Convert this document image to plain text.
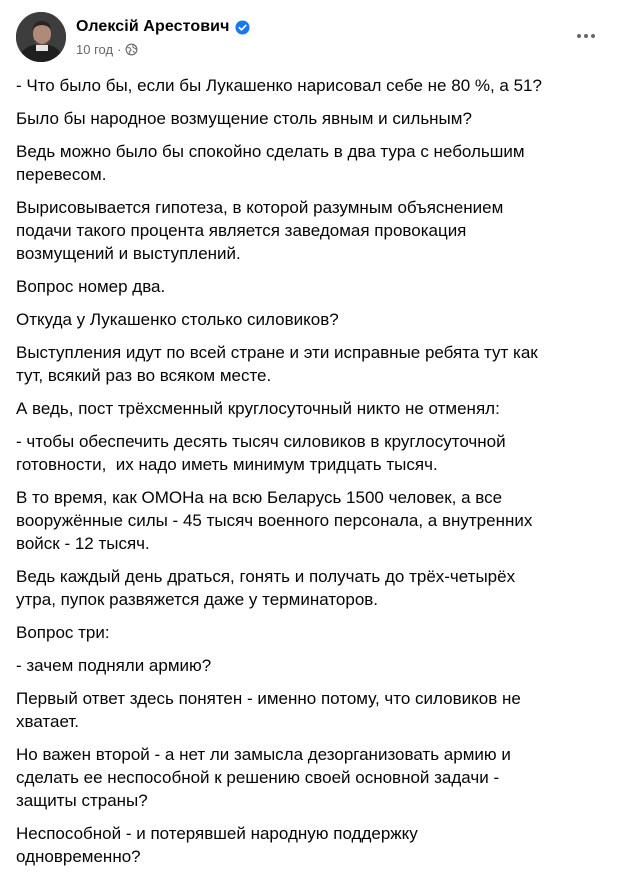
Олексій Арестович
10 год ·

- Что было бы, если бы Лукашенко нарисовал себе не 80 %, а 51?

Было бы народное возмущение столь явным и сильным?

Ведь можно было бы спокойно сделать в два тура с небольшим
перевесом.

Вырисовывается гипотеза, в которой разумным объяснением
подачи такого процента является заведомая провокация
возмущений и выступлений.

Вопрос номер два.

Откуда у Лукашенко столько силовиков?

Выступления идут по всей стране и эти исправные ребята тут как
тут, всякий раз во всяком месте.

А ведь, пост трёхсменный круглосуточный никто не отменял:

- чтобы обеспечить десять тысяч силовиков в круглосуточной
готовности,  их надо иметь минимум тридцать тысяч.

В то время, как ОМОНа на всю Беларусь 1500 человек, а все
вооружённые силы - 45 тысяч военного персонала, а внутренних
войск - 12 тысяч.

Ведь каждый день драться, гонять и получать до трёх-четырёх
утра, пупок развяжется даже у терминаторов.

Вопрос три:

- зачем подняли армию?

Первый ответ здесь понятен - именно потому, что силовиков не
хватает.

Но важен второй - а нет ли замысла дезорганизовать армию и
сделать ее неспособной к решению своей основной задачи -
защиты страны?

Неспособной - и потерявшей народную поддержку
одновременно?
